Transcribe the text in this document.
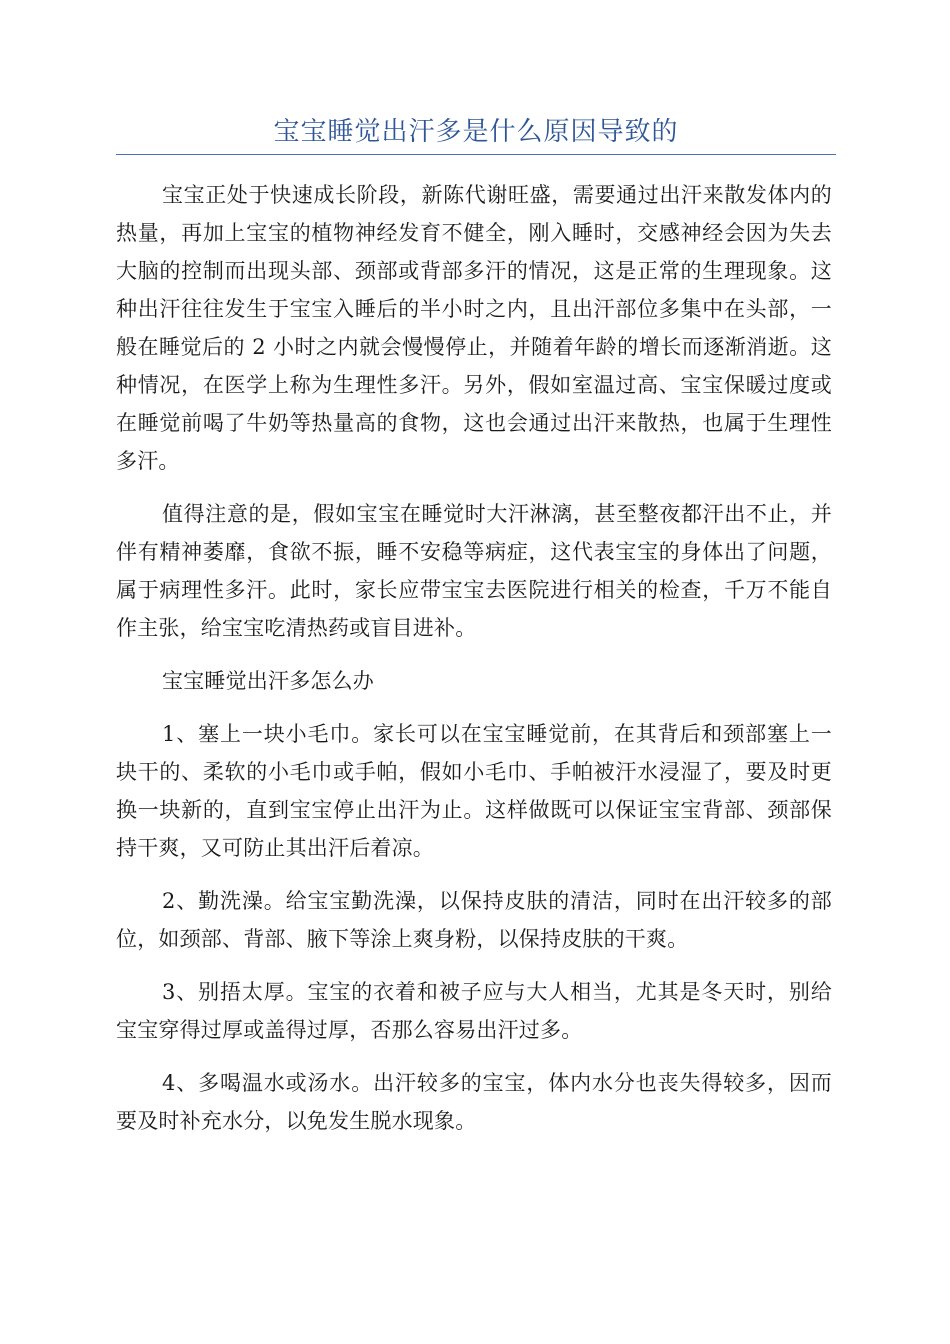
宝宝睡觉出汗多是什么原因导致的

宝宝正处于快速成长阶段，新陈代谢旺盛，需要通过出汗来散发体内的热量，再加上宝宝的植物神经发育不健全，刚入睡时，交感神经会因为失去大脑的控制而出现头部、颈部或背部多汗的情况，这是正常的生理现象。这种出汗往往发生于宝宝入睡后的半小时之内，且出汗部位多集中在头部，一般在睡觉后的 2 小时之内就会慢慢停止，并随着年龄的增长而逐渐消逝。这种情况，在医学上称为生理性多汗。另外，假如室温过高、宝宝保暖过度或在睡觉前喝了牛奶等热量高的食物，这也会通过出汗来散热，也属于生理性多汗。

值得注意的是，假如宝宝在睡觉时大汗淋漓，甚至整夜都汗出不止，并伴有精神萎靡，食欲不振，睡不安稳等病症，这代表宝宝的身体出了问题，属于病理性多汗。此时，家长应带宝宝去医院进行相关的检查，千万不能自作主张，给宝宝吃清热药或盲目进补。

宝宝睡觉出汗多怎么办

1、塞上一块小毛巾。家长可以在宝宝睡觉前，在其背后和颈部塞上一块干的、柔软的小毛巾或手帕，假如小毛巾、手帕被汗水浸湿了，要及时更换一块新的，直到宝宝停止出汗为止。这样做既可以保证宝宝背部、颈部保持干爽，又可防止其出汗后着凉。

2、勤洗澡。给宝宝勤洗澡，以保持皮肤的清洁，同时在出汗较多的部位，如颈部、背部、腋下等涂上爽身粉，以保持皮肤的干爽。

3、别捂太厚。宝宝的衣着和被子应与大人相当，尤其是冬天时，别给宝宝穿得过厚或盖得过厚，否那么容易出汗过多。

4、多喝温水或汤水。出汗较多的宝宝，体内水分也丧失得较多，因而要及时补充水分，以免发生脱水现象。
